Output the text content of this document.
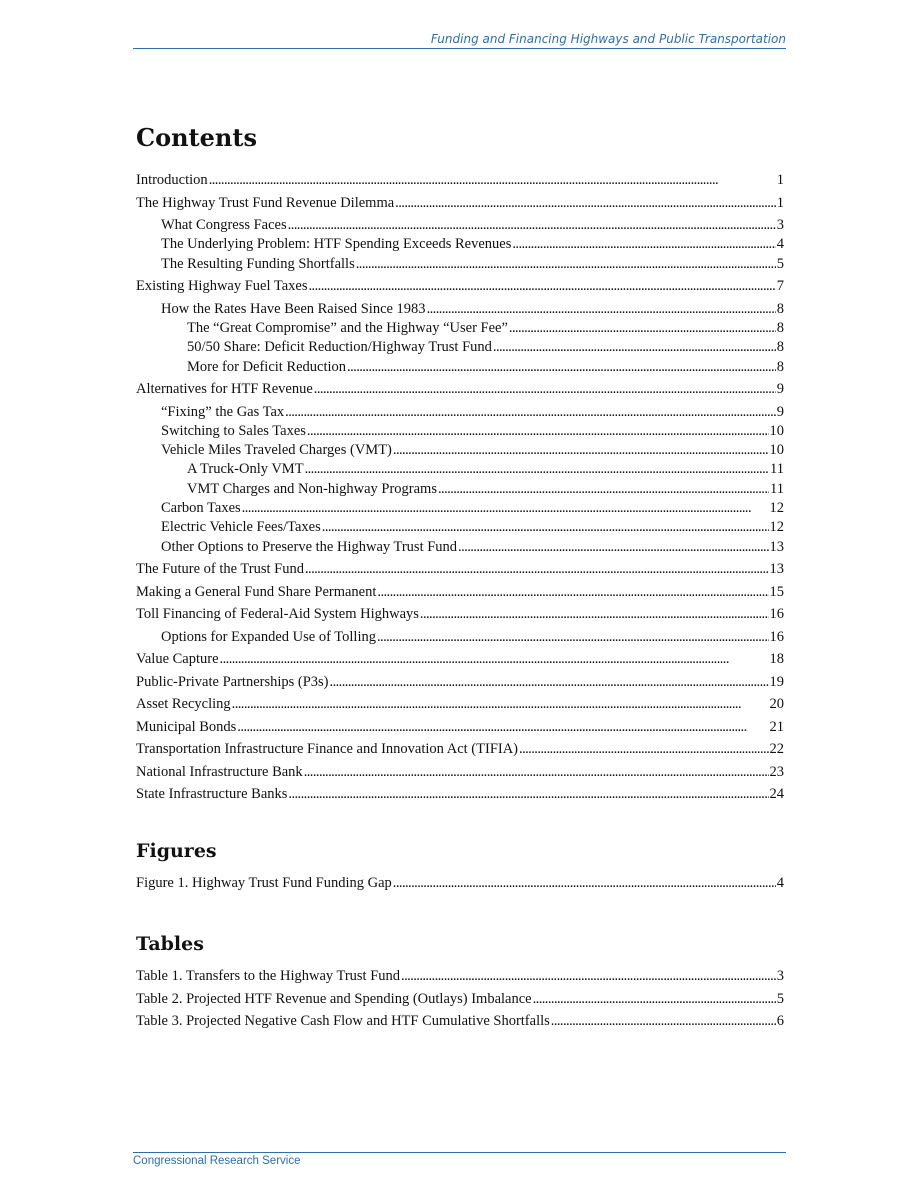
Funding and Financing Highways and Public Transportation
Contents
Introduction . . .	1
The Highway Trust Fund Revenue Dilemma . . .	1
What Congress Faces . . .	3
The Underlying Problem: HTF Spending Exceeds Revenues . . .	4
The Resulting Funding Shortfalls . . .	5
Existing Highway Fuel Taxes . . .	7
How the Rates Have Been Raised Since 1983 . . .	8
The “Great Compromise” and the Highway “User Fee” . . .	8
50/50 Share: Deficit Reduction/Highway Trust Fund . . .	8
More for Deficit Reduction . . .	8
Alternatives for HTF Revenue . . .	9
“Fixing” the Gas Tax . . .	9
Switching to Sales Taxes . . .	10
Vehicle Miles Traveled Charges (VMT) . . .	10
A Truck-Only VMT . . .	11
VMT Charges and Non-highway Programs . . .	11
Carbon Taxes . . .	12
Electric Vehicle Fees/Taxes . . .	12
Other Options to Preserve the Highway Trust Fund . . .	13
The Future of the Trust Fund . . .	13
Making a General Fund Share Permanent . . .	15
Toll Financing of Federal-Aid System Highways . . .	16
Options for Expanded Use of Tolling . . .	16
Value Capture . . .	18
Public-Private Partnerships (P3s) . . .	19
Asset Recycling . . .	20
Municipal Bonds . . .	21
Transportation Infrastructure Finance and Innovation Act (TIFIA) . . .	22
National Infrastructure Bank . . .	23
State Infrastructure Banks . . .	24
Figures
Figure 1. Highway Trust Fund Funding Gap . . .	4
Tables
Table 1. Transfers to the Highway Trust Fund . . .	3
Table 2. Projected HTF Revenue and Spending (Outlays) Imbalance . . .	5
Table 3. Projected Negative Cash Flow and HTF Cumulative Shortfalls . . .	6
Congressional Research Service
